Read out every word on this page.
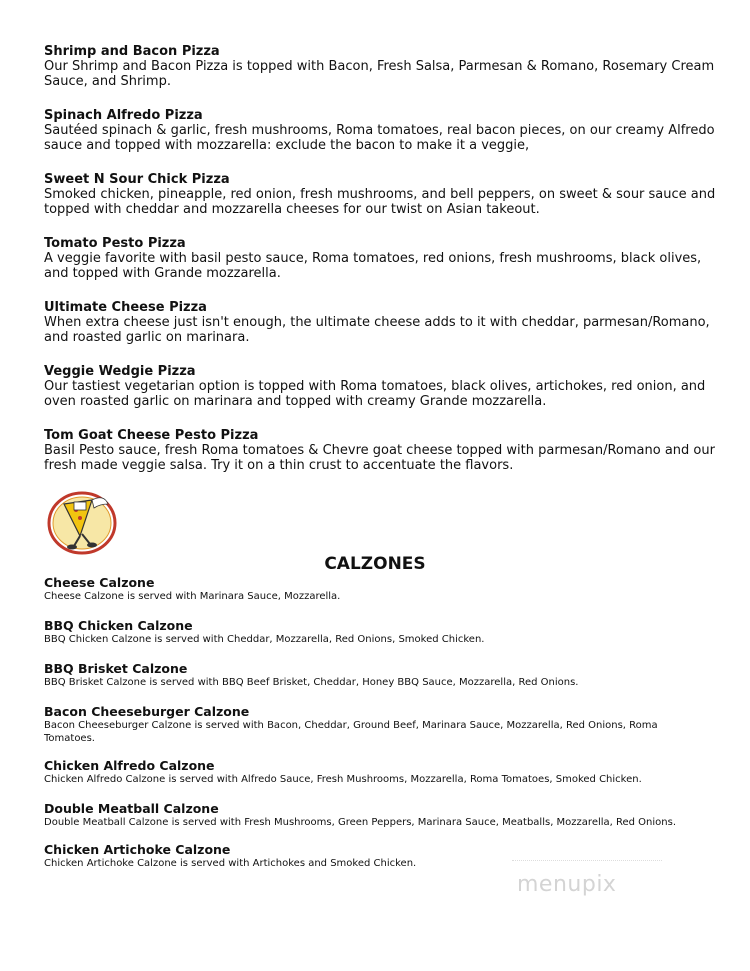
Shrimp and Bacon Pizza
Our Shrimp and Bacon Pizza is topped with Bacon, Fresh Salsa, Parmesan & Romano, Rosemary Cream Sauce, and Shrimp.
Spinach Alfredo Pizza
Sautéed spinach & garlic, fresh mushrooms, Roma tomatoes, real bacon pieces, on our creamy Alfredo sauce and topped with mozzarella: exclude the bacon to make it a veggie,
Sweet N Sour Chick Pizza
Smoked chicken, pineapple, red onion, fresh mushrooms, and bell peppers, on sweet & sour sauce and topped with cheddar and mozzarella cheeses for our twist on Asian takeout.
Tomato Pesto Pizza
A veggie favorite with basil pesto sauce, Roma tomatoes, red onions, fresh mushrooms, black olives, and topped with Grande mozzarella.
Ultimate Cheese Pizza
When extra cheese just isn't enough, the ultimate cheese adds to it with cheddar, parmesan/Romano, and roasted garlic on marinara.
Veggie Wedgie Pizza
Our tastiest vegetarian option is topped with Roma tomatoes, black olives, artichokes, red onion, and oven roasted garlic on marinara and topped with creamy Grande mozzarella.
Tom Goat Cheese Pesto Pizza
Basil Pesto sauce, fresh Roma tomatoes & Chevre goat cheese topped with parmesan/Romano and our fresh made veggie salsa. Try it on a thin crust to accentuate the flavors.
CALZONES
Cheese Calzone
Cheese Calzone is served with Marinara Sauce, Mozzarella.
BBQ Chicken Calzone
BBQ Chicken Calzone is served with Cheddar, Mozzarella, Red Onions, Smoked Chicken.
BBQ Brisket Calzone
BBQ Brisket Calzone is served with BBQ Beef Brisket, Cheddar, Honey BBQ Sauce, Mozzarella, Red Onions.
Bacon Cheeseburger Calzone
Bacon Cheeseburger Calzone is served with Bacon, Cheddar, Ground Beef, Marinara Sauce, Mozzarella, Red Onions, Roma Tomatoes.
Chicken Alfredo Calzone
Chicken Alfredo Calzone is served with Alfredo Sauce, Fresh Mushrooms, Mozzarella, Roma Tomatoes, Smoked Chicken.
Double Meatball Calzone
Double Meatball Calzone is served with Fresh Mushrooms, Green Peppers, Marinara Sauce, Meatballs, Mozzarella, Red Onions.
Chicken Artichoke Calzone
Chicken Artichoke Calzone is served with Artichokes and Smoked Chicken.
menupix
